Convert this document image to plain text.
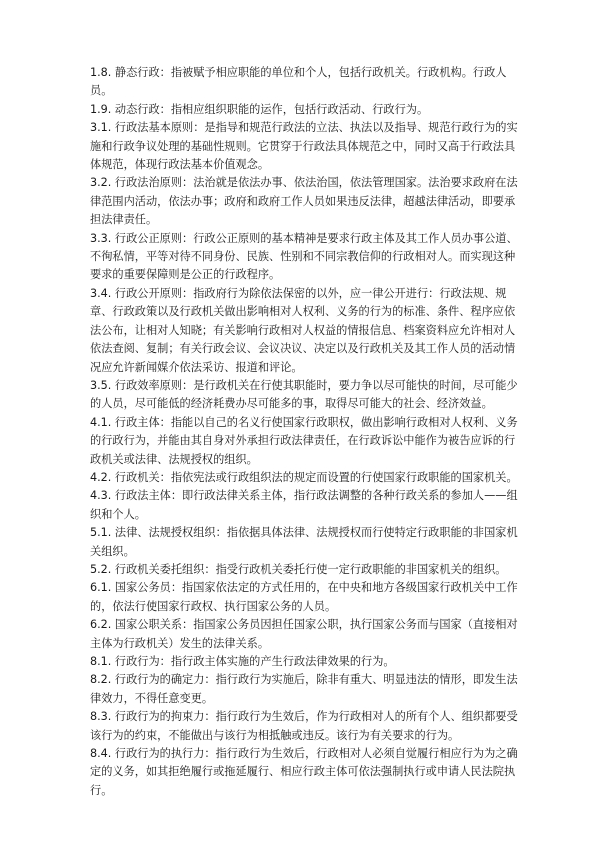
1.8. 静态行政：指被赋予相应职能的单位和个人，包括行政机关。行政机构。行政人员。

1.9. 动态行政：指相应组织职能的运作，包括行政活动、行政行为。

3.1. 行政法基本原则：是指导和规范行政法的立法、执法以及指导、规范行政行为的实施和行政争议处理的基础性规则。它贯穿于行政法具体规范之中，同时又高于行政法具体规范，体现行政法基本价值观念。

3.2. 行政法治原则：法治就是依法办事、依法治国，依法管理国家。法治要求政府在法律范围内活动，依法办事；政府和政府工作人员如果违反法律，超越法律活动，即要承担法律责任。

3.3. 行政公正原则：行政公正原则的基本精神是要求行政主体及其工作人员办事公道、不徇私情，平等对待不同身份、民族、性别和不同宗教信仰的行政相对人。而实现这种要求的重要保障则是公正的行政程序。

3.4. 行政公开原则：指政府行为除依法保密的以外，应一律公开进行：行政法规、规章、行政政策以及行政机关做出影响相对人权利、义务的行为的标准、条件、程序应依法公布，让相对人知晓；有关影响行政相对人权益的情报信息、档案资料应允许相对人依法查阅、复制；有关行政会议、会议决议、决定以及行政机关及其工作人员的活动情况应允许新闻媒介依法采访、报道和评论。

3.5. 行政效率原则：是行政机关在行使其职能时，要力争以尽可能快的时间，尽可能少的人员，尽可能低的经济耗费办尽可能多的事，取得尽可能大的社会、经济效益。

4.1. 行政主体：指能以自己的名义行使国家行政职权，做出影响行政相对人权利、义务的行政行为，并能由其自身对外承担行政法律责任，在行政诉讼中能作为被告应诉的行政机关或法律、法规授权的组织。

4.2. 行政机关：指依宪法或行政组织法的规定而设置的行使国家行政职能的国家机关。

4.3. 行政法主体：即行政法律关系主体，指行政法调整的各种行政关系的参加人——组织和个人。

5.1. 法律、法规授权组织：指依据具体法律、法规授权而行使特定行政职能的非国家机关组织。

5.2. 行政机关委托组织：指受行政机关委托行使一定行政职能的非国家机关的组织。

6.1. 国家公务员：指国家依法定的方式任用的，在中央和地方各级国家行政机关中工作的，依法行使国家行政权、执行国家公务的人员。

6.2. 国家公职关系：指国家公务员因担任国家公职，执行国家公务而与国家（直接相对主体为行政机关）发生的法律关系。

8.1. 行政行为：指行政主体实施的产生行政法律效果的行为。

8.2. 行政行为的确定力：指行政行为实施后，除非有重大、明显违法的情形，即发生法律效力，不得任意变更。

8.3. 行政行为的拘束力：指行政行为生效后，作为行政相对人的所有个人、组织都要受该行为的约束，不能做出与该行为相抵触或违反。该行为有关要求的行为。

8.4. 行政行为的执行力：指行政行为生效后，行政相对人必须自觉履行相应行为为之确定的义务，如其拒绝履行或拖延履行、相应行政主体可依法强制执行或申请人民法院执行。
